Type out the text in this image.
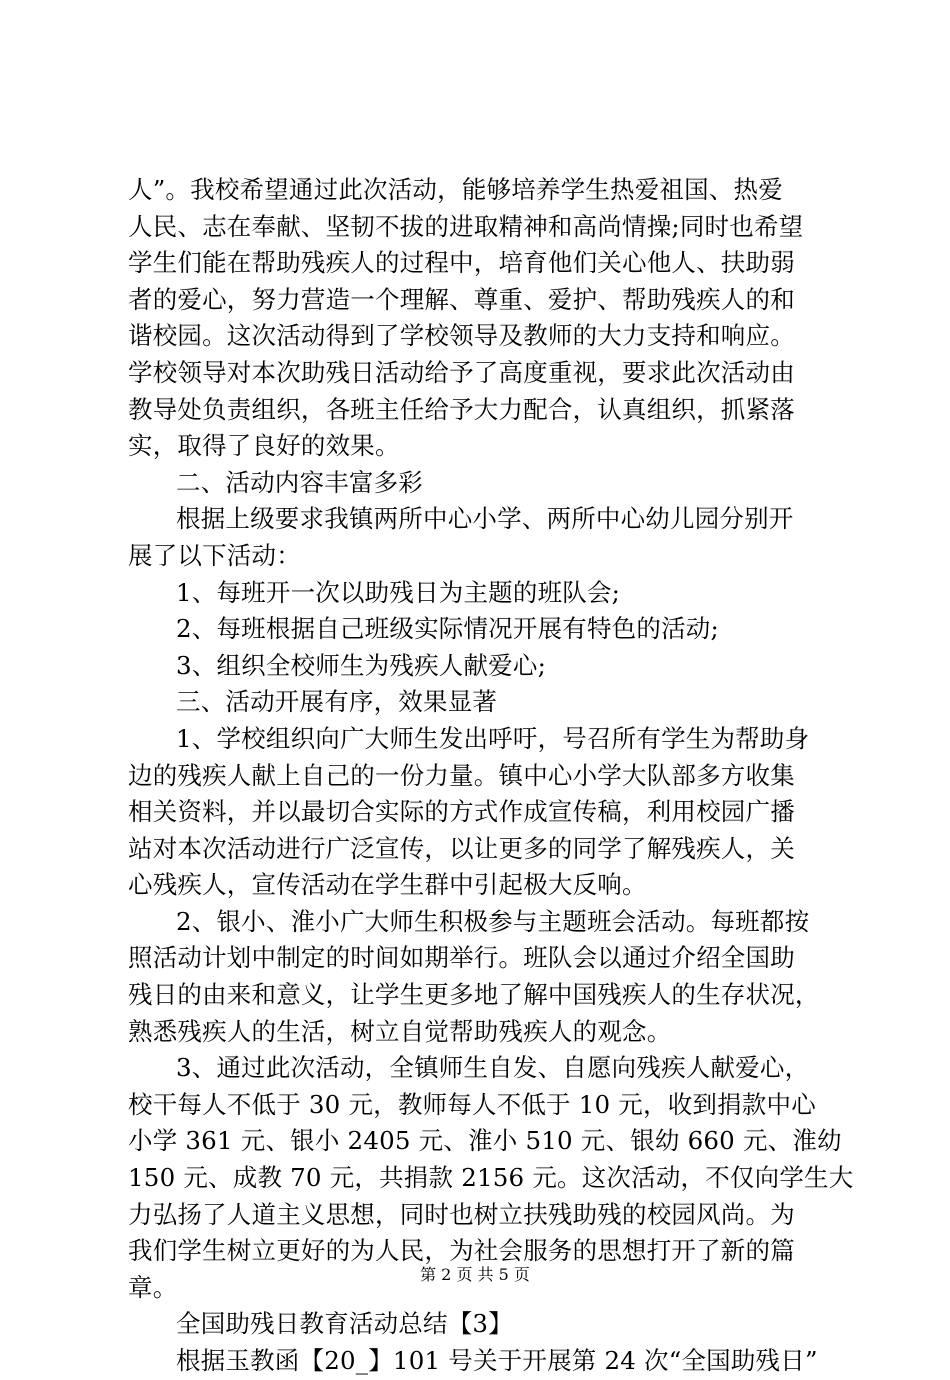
人”。我校希望通过此次活动，能够培养学生热爱祖国、热爱
人民、志在奉献、坚韧不拔的进取精神和高尚情操;同时也希望
学生们能在帮助残疾人的过程中，培育他们关心他人、扶助弱
者的爱心，努力营造一个理解、尊重、爱护、帮助残疾人的和
谐校园。这次活动得到了学校领导及教师的大力支持和响应。
学校领导对本次助残日活动给予了高度重视，要求此次活动由
教导处负责组织，各班主任给予大力配合，认真组织，抓紧落
实，取得了良好的效果。
二、活动内容丰富多彩
根据上级要求我镇两所中心小学、两所中心幼儿园分别开
展了以下活动：
1、每班开一次以助残日为主题的班队会;
2、每班根据自己班级实际情况开展有特色的活动;
3、组织全校师生为残疾人献爱心;
三、活动开展有序，效果显著
1、学校组织向广大师生发出呼吁，号召所有学生为帮助身
边的残疾人献上自己的一份力量。镇中心小学大队部多方收集
相关资料，并以最切合实际的方式作成宣传稿，利用校园广播
站对本次活动进行广泛宣传，以让更多的同学了解残疾人，关
心残疾人，宣传活动在学生群中引起极大反响。
2、银小、淮小广大师生积极参与主题班会活动。每班都按
照活动计划中制定的时间如期举行。班队会以通过介绍全国助
残日的由来和意义，让学生更多地了解中国残疾人的生存状况，
熟悉残疾人的生活，树立自觉帮助残疾人的观念。
3、通过此次活动，全镇师生自发、自愿向残疾人献爱心，
校干每人不低于 30 元，教师每人不低于 10 元，收到捐款中心
小学 361 元、银小 2405 元、淮小 510 元、银幼 660 元、淮幼
150 元、成教 70 元，共捐款 2156 元。这次活动，不仅向学生大
力弘扬了人道主义思想，同时也树立扶残助残的校园风尚。为
我们学生树立更好的为人民，为社会服务的思想打开了新的篇
章。
全国助残日教育活动总结【3】
根据玉教函【20_】101 号关于开展第 24 次“全国助残日”
第 2 页 共 5 页
